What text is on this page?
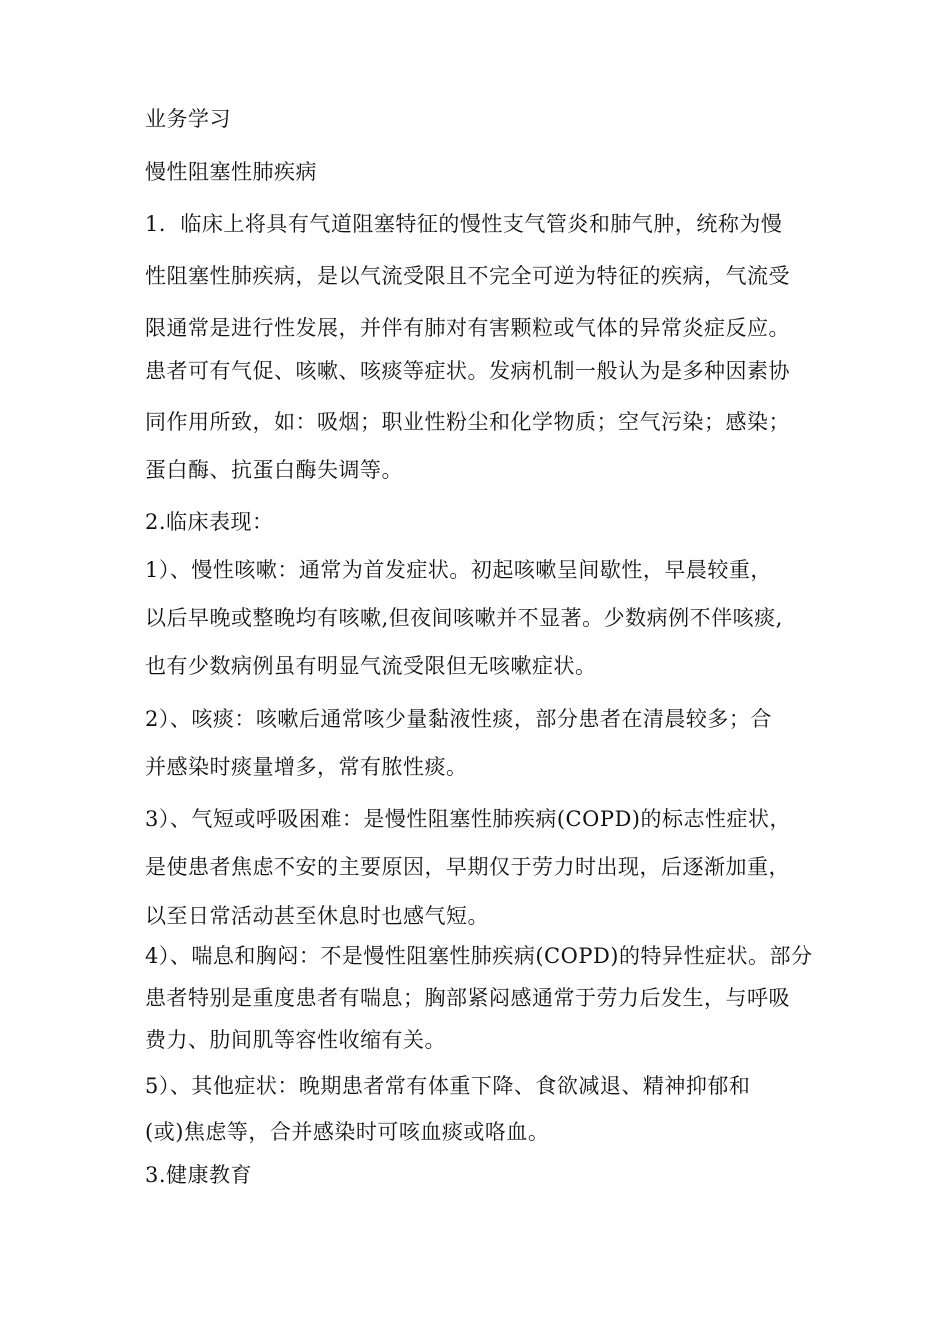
业务学习
慢性阻塞性肺疾病
1．临床上将具有气道阻塞特征的慢性支气管炎和肺气肿，统称为慢
性阻塞性肺疾病，是以气流受限且不完全可逆为特征的疾病，气流受
限通常是进行性发展，并伴有肺对有害颗粒或气体的异常炎症反应。
患者可有气促、咳嗽、咳痰等症状。发病机制一般认为是多种因素协
同作用所致，如：吸烟；职业性粉尘和化学物质；空气污染；感染；
蛋白酶、抗蛋白酶失调等。
2.临床表现：
1）、慢性咳嗽：通常为首发症状。初起咳嗽呈间歇性，早晨较重，
以后早晚或整晚均有咳嗽,但夜间咳嗽并不显著。少数病例不伴咳痰,
也有少数病例虽有明显气流受限但无咳嗽症状。
2）、咳痰：咳嗽后通常咳少量黏液性痰，部分患者在清晨较多；合
并感染时痰量增多，常有脓性痰。
3）、气短或呼吸困难：是慢性阻塞性肺疾病(COPD)的标志性症状，
是使患者焦虑不安的主要原因，早期仅于劳力时出现，后逐渐加重，
以至日常活动甚至休息时也感气短。
4）、喘息和胸闷：不是慢性阻塞性肺疾病(COPD)的特异性症状。部分
患者特别是重度患者有喘息；胸部紧闷感通常于劳力后发生，与呼吸
费力、肋间肌等容性收缩有关。
5）、其他症状：晚期患者常有体重下降、食欲减退、精神抑郁和
(或)焦虑等，合并感染时可咳血痰或咯血。
3.健康教育
